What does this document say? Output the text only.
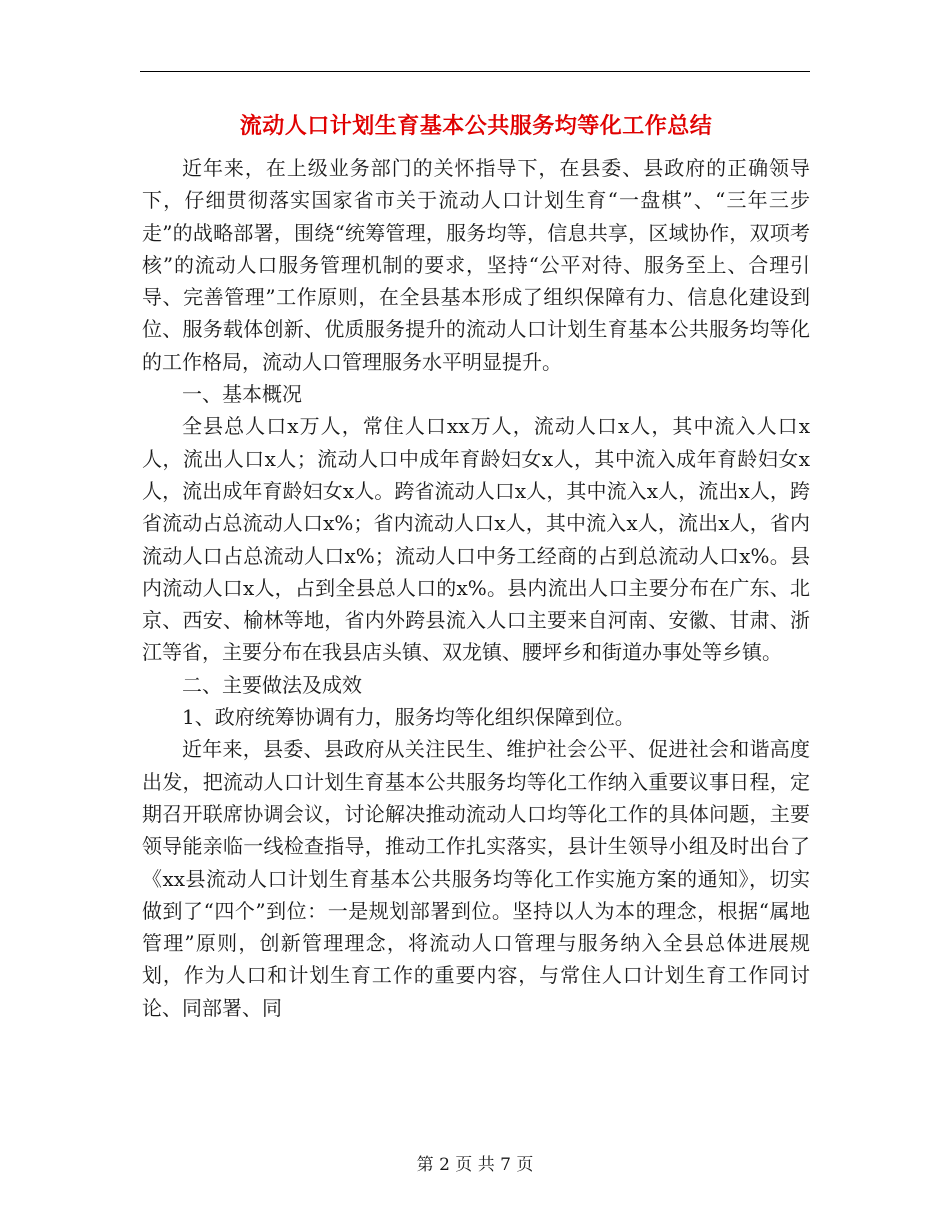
流动人口计划生育基本公共服务均等化工作总结

近年来，在上级业务部门的关怀指导下，在县委、县政府的正确领导下，仔细贯彻落实国家省市关于流动人口计划生育“一盘棋”、“三年三步走”的战略部署，围绕“统筹管理，服务均等，信息共享，区域协作，双项考核”的流动人口服务管理机制的要求，坚持“公平对待、服务至上、合理引导、完善管理”工作原则，在全县基本形成了组织保障有力、信息化建设到位、服务载体创新、优质服务提升的流动人口计划生育基本公共服务均等化的工作格局，流动人口管理服务水平明显提升。

一、基本概况

全县总人口x万人，常住人口xx万人，流动人口x人，其中流入人口x人，流出人口x人；流动人口中成年育龄妇女x人，其中流入成年育龄妇女x人，流出成年育龄妇女x人。跨省流动人口x人，其中流入x人，流出x人，跨省流动占总流动人口x%；省内流动人口x人，其中流入x人，流出x人，省内流动人口占总流动人口x%；流动人口中务工经商的占到总流动人口x%。县内流动人口x人，占到全县总人口的x%。县内流出人口主要分布在广东、北京、西安、榆林等地，省内外跨县流入人口主要来自河南、安徽、甘肃、浙江等省，主要分布在我县店头镇、双龙镇、腰坪乡和街道办事处等乡镇。

二、主要做法及成效

1、政府统筹协调有力，服务均等化组织保障到位。

近年来，县委、县政府从关注民生、维护社会公平、促进社会和谐高度出发，把流动人口计划生育基本公共服务均等化工作纳入重要议事日程，定期召开联席协调会议，讨论解决推动流动人口均等化工作的具体问题，主要领导能亲临一线检查指导，推动工作扎实落实，县计生领导小组及时出台了《xx县流动人口计划生育基本公共服务均等化工作实施方案的通知》，切实做到了“四个”到位：一是规划部署到位。坚持以人为本的理念，根据“属地管理”原则，创新管理理念，将流动人口管理与服务纳入全县总体进展规划，作为人口和计划生育工作的重要内容，与常住人口计划生育工作同讨论、同部署、同

第 2 页 共 7 页
